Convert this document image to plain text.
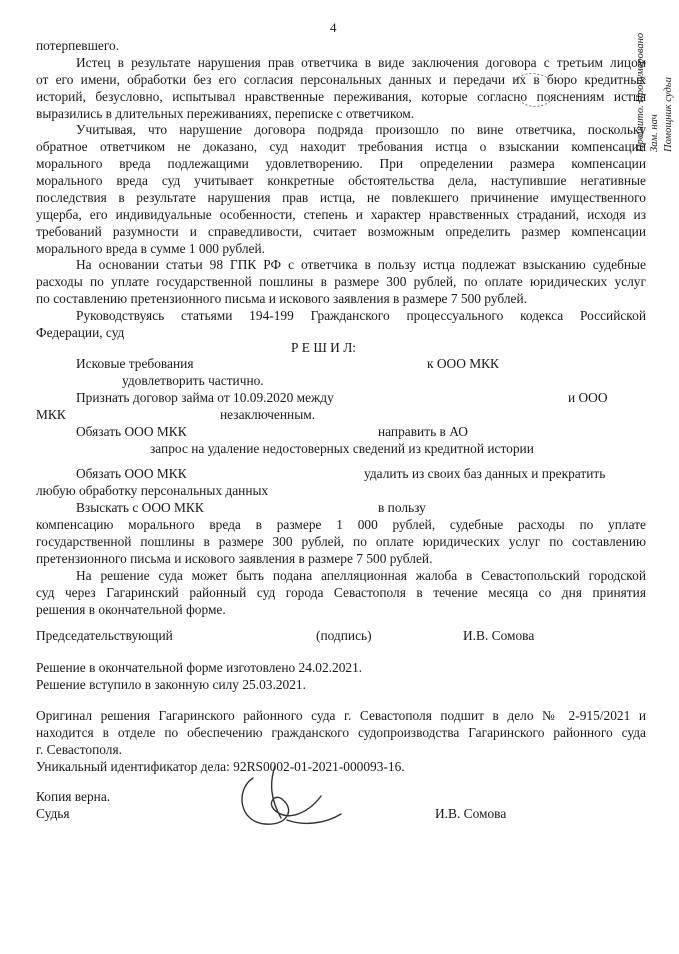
4
Прошито. Пронумеровано Зам. нач Помощник судьи
потерпевшего.
Истец в результате нарушения прав ответчика в виде заключения договора с третьим лицом
от его имени, обработки без его согласия персональных данных и передачи их в бюро кредитных
историй, безусловно, испытывал нравственные переживания, которые согласно пояснениям истца
выразились в длительных переживаниях, переписке с ответчиком.
Учитывая, что нарушение договора подряда произошло по вине ответчика, поскольку
обратное ответчиком не доказано, суд находит требования истца о взыскании компенсации
морального вреда подлежащими удовлетворению. При определении размера компенсации
морального вреда суд учитывает конкретные обстоятельства дела, наступившие негативные
последствия в результате нарушения прав истца, не повлекшего причинение имущественного
ущерба, его индивидуальные особенности, степень и характер нравственных страданий, исходя из
требований разумности и справедливости, считает возможным определить размер компенсации
морального вреда в сумме 1 000 рублей.
На основании статьи 98 ГПК РФ с ответчика в пользу истца подлежат взысканию судебные
расходы по уплате государственной пошлины в размере 300 рублей, по оплате юридических услуг
по составлению претензионного письма и искового заявления в размере 7 500 рублей.
Руководствуясь статьями 194-199 Гражданского процессуального кодекса Российской
Федерации, суд
Р Е Ш И Л:
Исковые требования	к ООО МКК
удовлетворить частично.
Признать договор займа от 10.09.2020 между	и ООО
МКК	незаключенным.
Обязать ООО МКК	направить в АО
запрос на удаление недостоверных сведений из кредитной истории
Обязать ООО МКК	удалить из своих баз данных и прекратить
любую обработку персональных данных
Взыскать с ООО МКК	в пользу
компенсацию морального вреда в размере 1 000 рублей, судебные расходы по уплате
государственной пошлины в размере 300 рублей, по оплате юридических услуг по составлению
претензионного письма и искового заявления в размере 7 500 рублей.
На решение суда может быть подана апелляционная жалоба в Севастопольский городской
суд через Гагаринский районный суд города Севастополя в течение месяца со дня принятия
решения в окончательной форме.
Председательствующий	(подпись)	И.В. Сомова
Решение в окончательной форме изготовлено 24.02.2021.
Решение вступило в законную силу 25.03.2021.
Оригинал решения Гагаринского районного суда г. Севастополя подшит в дело № 2-915/2021 и
находится в отделе по обеспечению гражданского судопроизводства Гагаринского районного суда
г. Севастополя.
Уникальный идентификатор дела: 92RS0002-01-2021-000093-16.
Копия верна.
Судья	И.В. Сомова
